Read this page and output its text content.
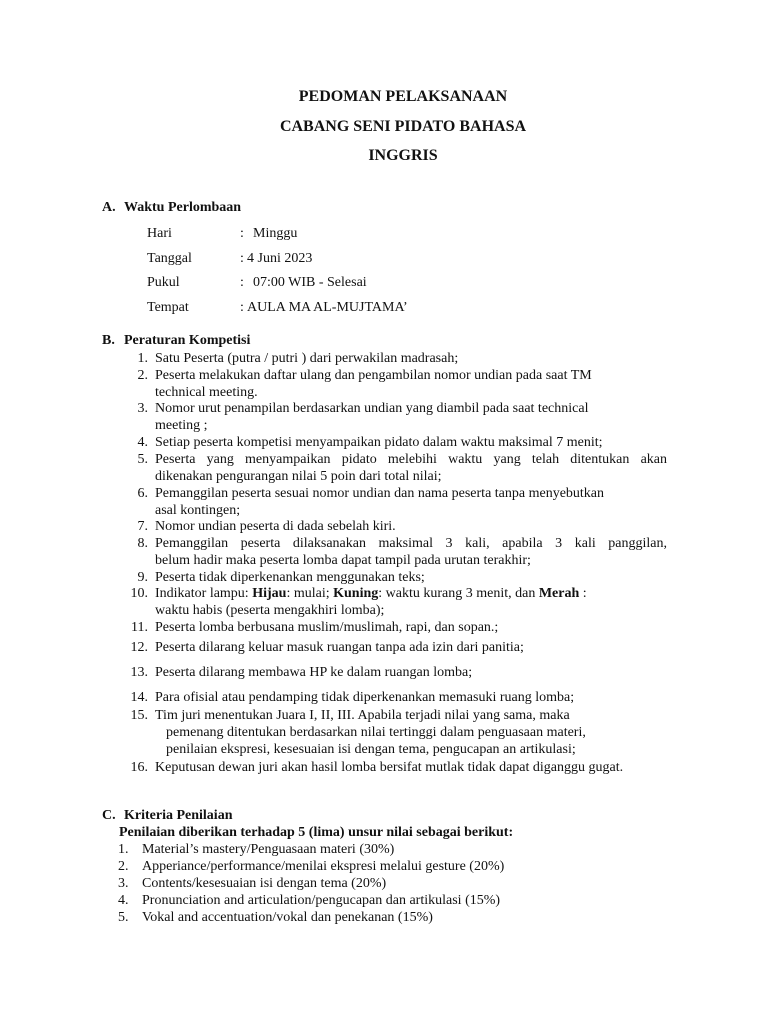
PEDOMAN PELAKSANAAN
CABANG SENI PIDATO BAHASA
INGGRIS
A. Waktu Perlombaan
Hari	: Minggu
Tanggal	: 4 Juni 2023
Pukul	: 07:00 WIB - Selesai
Tempat	: AULA MA AL-MUJTAMA’
B. Peraturan Kompetisi
1. Satu Peserta (putra / putri ) dari perwakilan madrasah;
2. Peserta melakukan daftar ulang dan pengambilan nomor undian pada saat TM
technical meeting.
3. Nomor urut penampilan berdasarkan undian yang diambil pada saat technical
meeting ;
4. Setiap peserta kompetisi menyampaikan pidato dalam waktu maksimal 7 menit;
5. Peserta yang menyampaikan pidato melebihi waktu yang telah ditentukan akan
dikenakan pengurangan nilai 5 poin dari total nilai;
6. Pemanggilan peserta sesuai nomor undian dan nama peserta tanpa menyebutkan
asal kontingen;
7. Nomor undian peserta di dada sebelah kiri.
8. Pemanggilan peserta dilaksanakan maksimal 3 kali, apabila 3 kali panggilan,
belum hadir maka peserta lomba dapat tampil pada urutan terakhir;
9. Peserta tidak diperkenankan menggunakan teks;
10. Indikator lampu: Hijau: mulai; Kuning: waktu kurang 3 menit, dan Merah :
waktu habis (peserta mengakhiri lomba);
11. Peserta lomba berbusana muslim/muslimah, rapi, dan sopan.;
12. Peserta dilarang keluar masuk ruangan tanpa ada izin dari panitia;
13. Peserta dilarang membawa HP ke dalam ruangan lomba;
14. Para ofisial atau pendamping tidak diperkenankan memasuki ruang lomba;
15. Tim juri menentukan Juara I, II, III. Apabila terjadi nilai yang sama, maka
pemenang ditentukan berdasarkan nilai tertinggi dalam penguasaan materi,
penilaian ekspresi, kesesuaian isi dengan tema, pengucapan an artikulasi;
16. Keputusan dewan juri akan hasil lomba bersifat mutlak tidak dapat diganggu gugat.
C. Kriteria Penilaian
Penilaian diberikan terhadap 5 (lima) unsur nilai sebagai berikut:
1. Material’s mastery/Penguasaan materi (30%)
2. Apperiance/performance/menilai ekspresi melalui gesture (20%)
3. Contents/kesesuaian isi dengan tema (20%)
4. Pronunciation and articulation/pengucapan dan artikulasi (15%)
5. Vokal and accentuation/vokal dan penekanan (15%)
